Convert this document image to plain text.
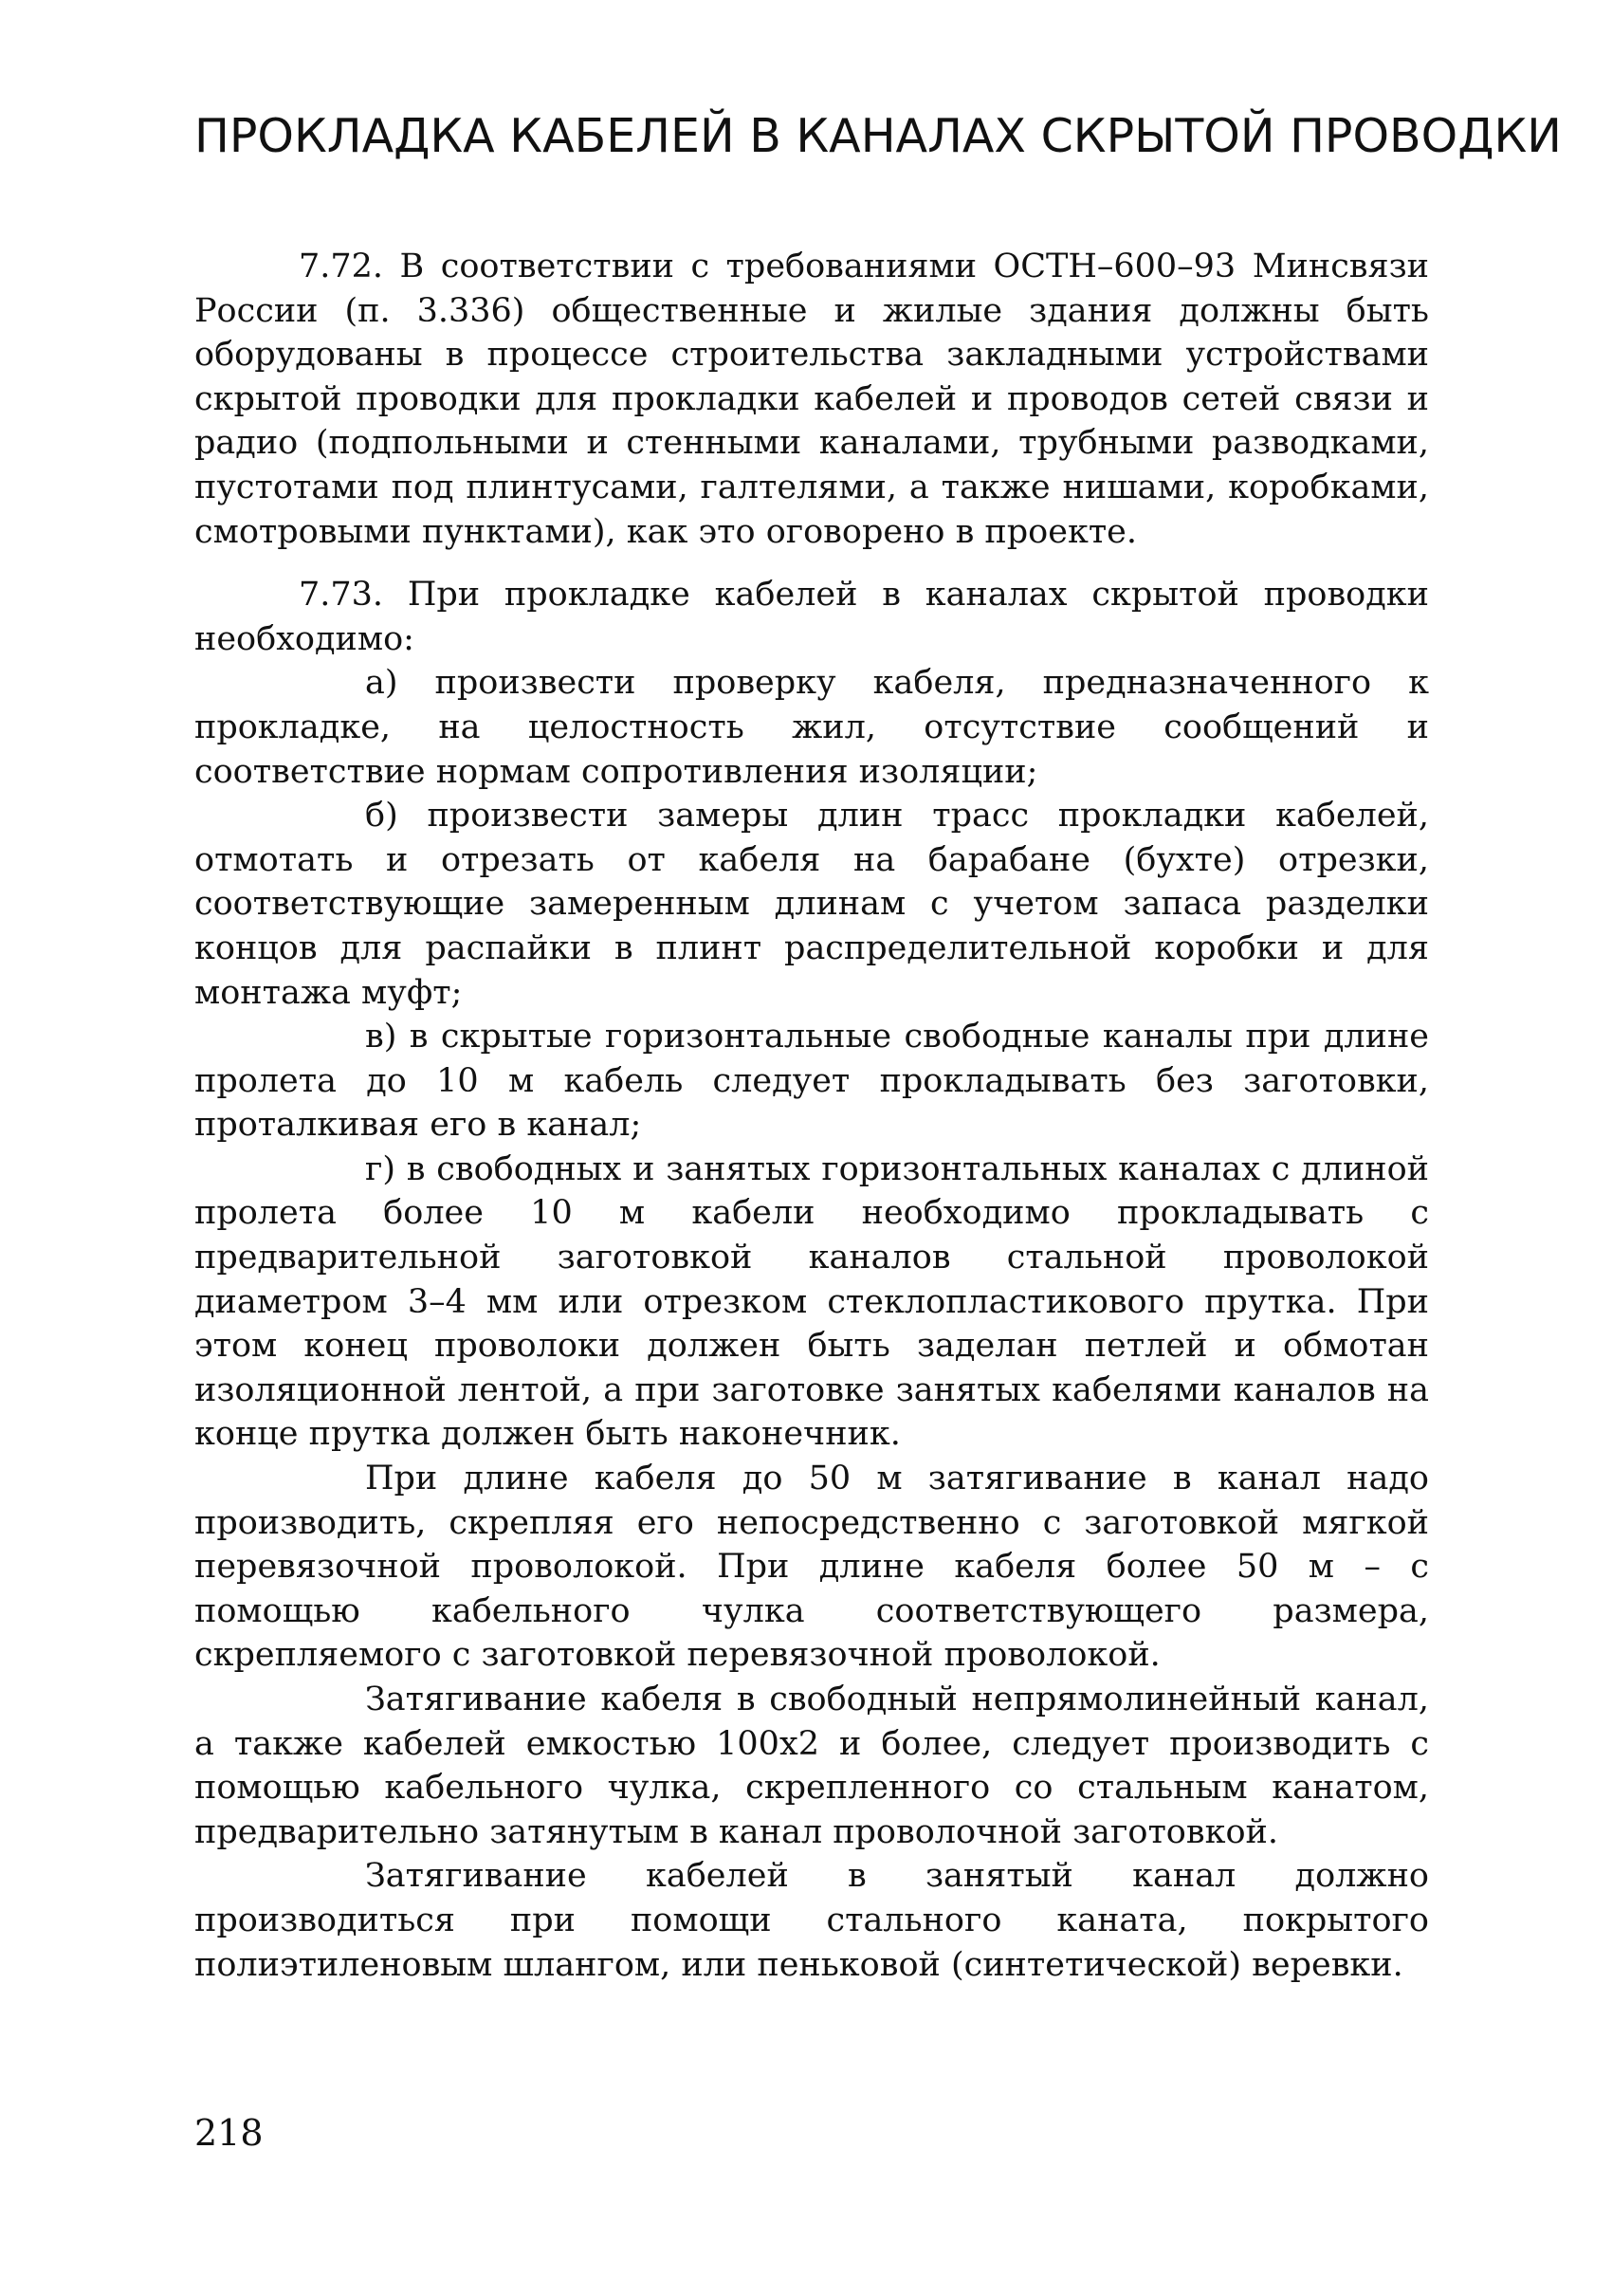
ПРОКЛАДКА КАБЕЛЕЙ В КАНАЛАХ СКРЫТОЙ ПРОВОДКИ

7.72. В соответствии с требованиями ОСТН–600–93 Минсвязи России (п. 3.336) общественные и жилые здания должны быть оборудованы в процессе строительства закладными устройствами скрытой проводки для прокладки кабелей и проводов сетей связи и радио (подпольными и стенными каналами, трубными разводками, пустотами под плинтусами, галтелями, а также нишами, коробками, смотровыми пунктами), как это оговорено в проекте.

7.73. При прокладке кабелей в каналах скрытой проводки необходимо:

а) произвести проверку кабеля, предназначенного к прокладке, на целостность жил, отсутствие сообщений и соответствие нормам сопротивления изоляции;

б) произвести замеры длин трасс прокладки кабелей, отмотать и отрезать от кабеля на барабане (бухте) отрезки, соответствующие замеренным длинам с учетом запаса разделки концов для распайки в плинт распределительной коробки и для монтажа муфт;

в) в скрытые горизонтальные свободные каналы при длине пролета до 10 м кабель следует прокладывать без заготовки, проталкивая его в канал;

г) в свободных и занятых горизонтальных каналах с длиной пролета более 10 м кабели необходимо прокладывать с предварительной заготовкой каналов стальной проволокой диаметром 3–4 мм или отрезком стеклопластикового прутка. При этом конец проволоки должен быть заделан петлей и обмотан изоляционной лентой, а при заготовке занятых кабелями каналов на конце прутка должен быть наконечник.

При длине кабеля до 50 м затягивание в канал надо производить, скрепляя его непосредственно с заготовкой мягкой перевязочной проволокой. При длине кабеля более 50 м – с помощью кабельного чулка соответствующего размера, скрепляемого с заготовкой перевязочной проволокой.

Затягивание кабеля в свободный непрямолинейный канал, а также кабелей емкостью 100х2 и более, следует производить с помощью кабельного чулка, скрепленного со стальным канатом, предварительно затянутым в канал проволочной заготовкой.

Затягивание кабелей в занятый канал должно производиться при помощи стального каната, покрытого полиэтиленовым шлангом, или пеньковой (синтетической) веревки.

218
